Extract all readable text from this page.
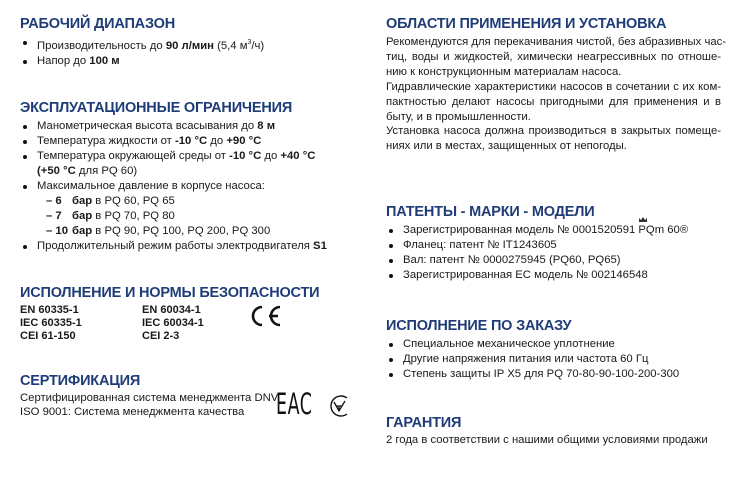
РАБОЧИЙ ДИАПАЗОН
Производительность до 90 л/мин (5,4 $м^3/ч$)
Напор до 100 м
ЭКСПЛУАТАЦИОННЫЕ ОГРАНИЧЕНИЯ
Манометрическая высота всасывания до 8 м
Температура жидкости от -10 °C до +90 °C
Температура окружающей среды от -10 °C до +40 °C
(+50 °C для PQ 60)
Максимальное давление в корпусе насоса:
– 6 бар в PQ 60, PQ 65
– 7 бар в PQ 70, PQ 80
– 10 бар в PQ 90, PQ 100, PQ 200, PQ 300
Продолжительный режим работы электродвигателя S1
ИСПОЛНЕНИЕ И НОРМЫ БЕЗОПАСНОСТИ
EN 60335-1	EN 60034-1
IEC 60335-1	IEC 60034-1
CEI 61-150	CEI 2-3
СЕРТИФИКАЦИЯ
Сертифицированная система менеджмента DNV
ISO 9001: Система менеджмента качества	EAC
ОБЛАСТИ ПРИМЕНЕНИЯ И УСТАНОВКА
Рекомендуются для перекачивания чистой, без абразивных час-
тиц, воды и жидкостей, химически неагрессивных по отноше-
нию к конструкционным материалам насоса.
Гидравлические характеристики насосов в сочетании с их ком-
пактностью делают насосы пригодными для применения и в
быту, и в промышленности.
Установка насоса должна производиться в закрытых помеще-
ниях или в местах, защищенных от непогоды.
ПАТЕНТЫ - МАРКИ - МОДЕЛИ
Зарегистрированная модель № 0001520591 PQm 60®
Фланец: патент № IT1243605
Вал: патент № 0000275945 (PQ60, PQ65)
Зарегистрированная ЕС модель № 002146548
ИСПОЛНЕНИЕ ПО ЗАКАЗУ
Специальное механическое уплотнение
Другие напряжения питания или частота 60 Гц
Степень защиты IP X5 для PQ 70-80-90-100-200-300
ГАРАНТИЯ
2 года в соответствии с нашими общими условиями продажи
